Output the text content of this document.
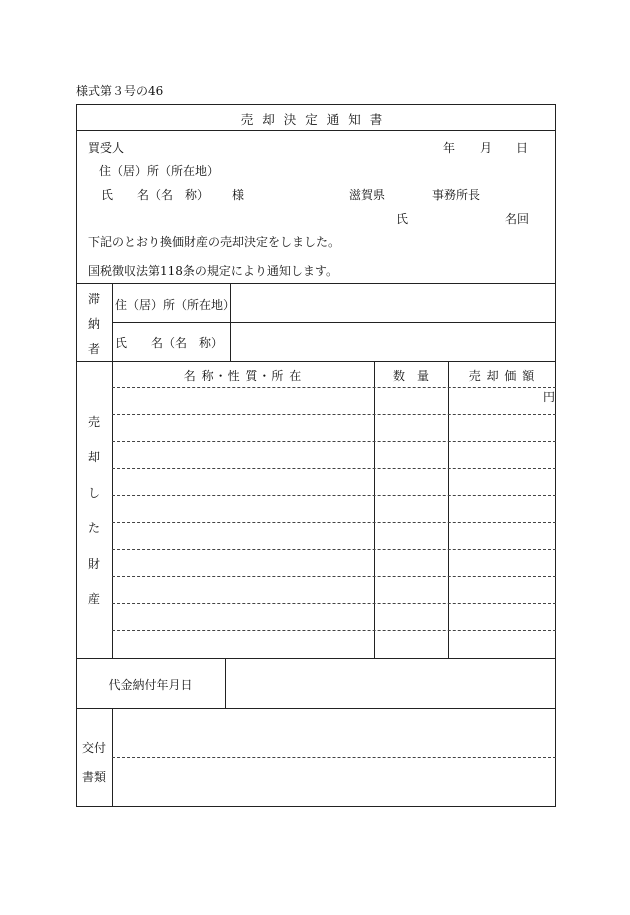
様式第３号の46
売却決定通知書
買受人	年 月 日
住（居）所（所在地）
氏　　名（名　称） 様	滋賀県	事務所長
氏	名回
下記のとおり換価財産の売却決定をしました。
国税徴収法第118条の規定により通知します。
滞
納
者
住（居）所（所在地）
氏　　名（名　称）
名 称・性 質・所 在	数　量	売 却 価 額
円
売
却
し
た
財
産
代金納付年月日
交付
書類
